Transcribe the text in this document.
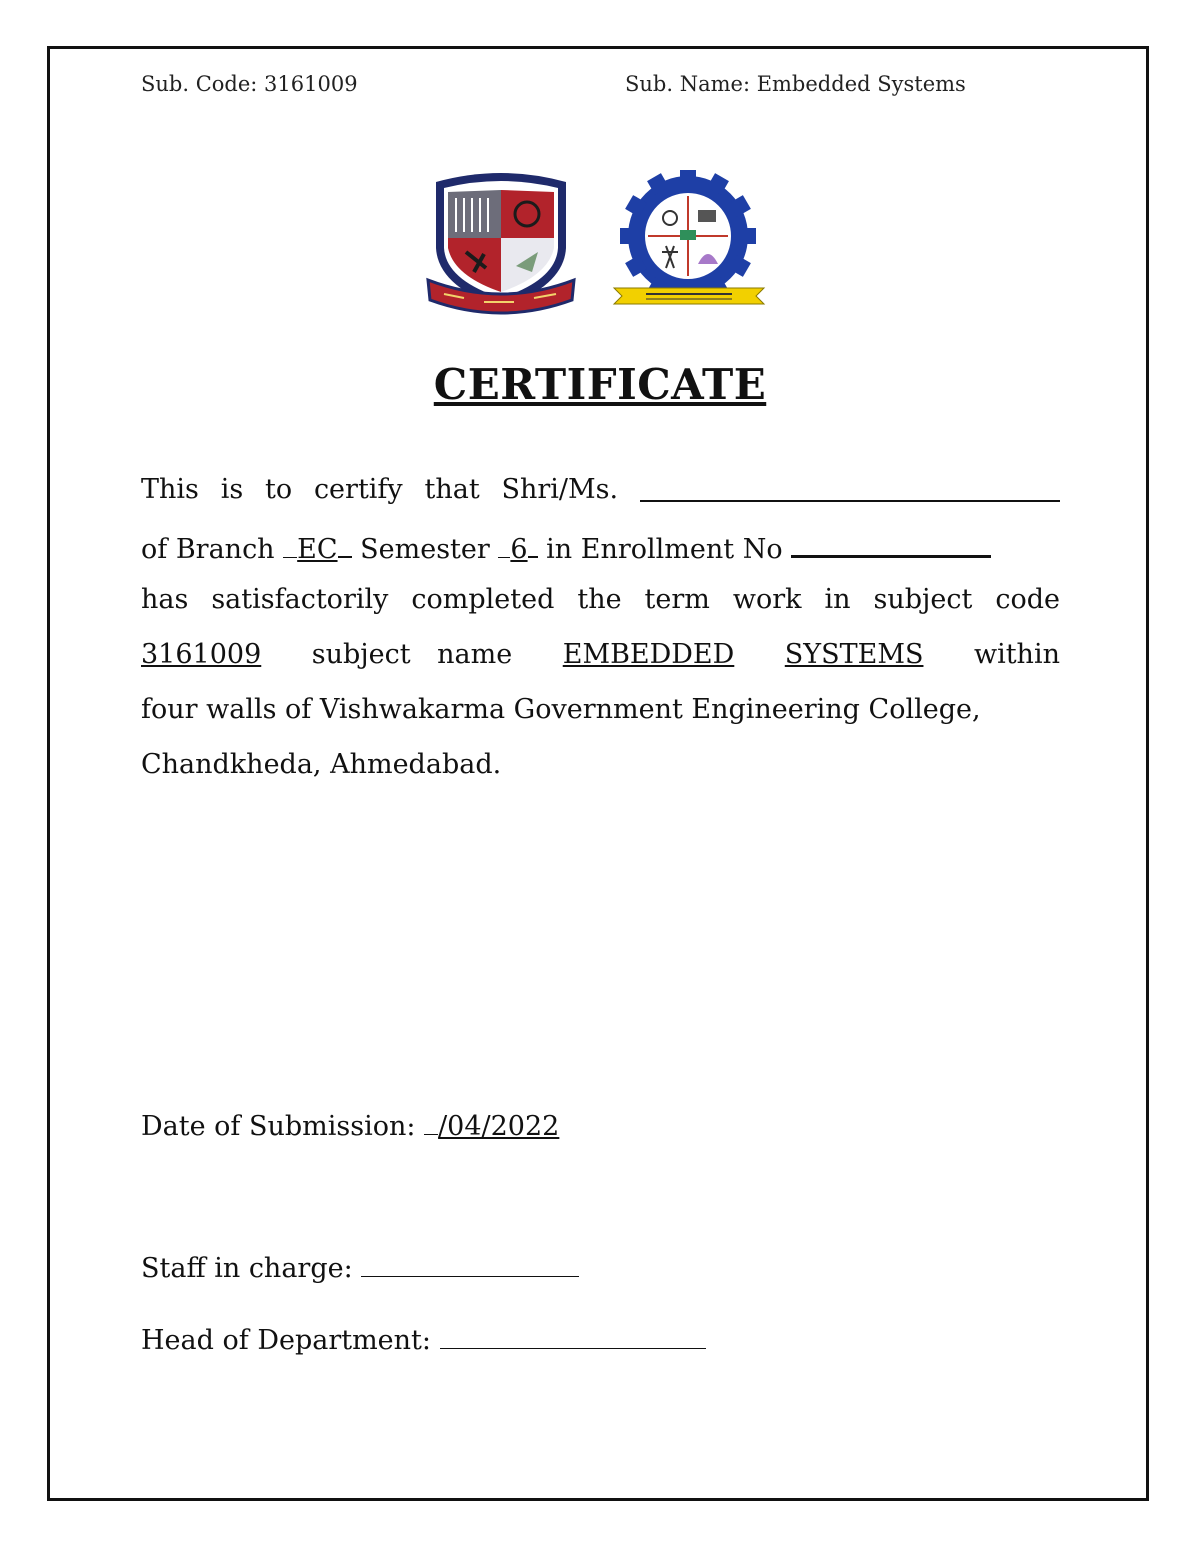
Sub. Code: 3161009	Sub. Name: Embedded Systems
CERTIFICATE
This is to certify that Shri/Ms.
of Branch EC Semester 6 in Enrollment No
has satisfactorily completed the term work in subject code
3161009 subject name EMBEDDED SYSTEMS within
four walls of Vishwakarma Government Engineering College,
Chandkheda, Ahmedabad.
Date of Submission: /04/2022
Staff in charge:
Head of Department:
